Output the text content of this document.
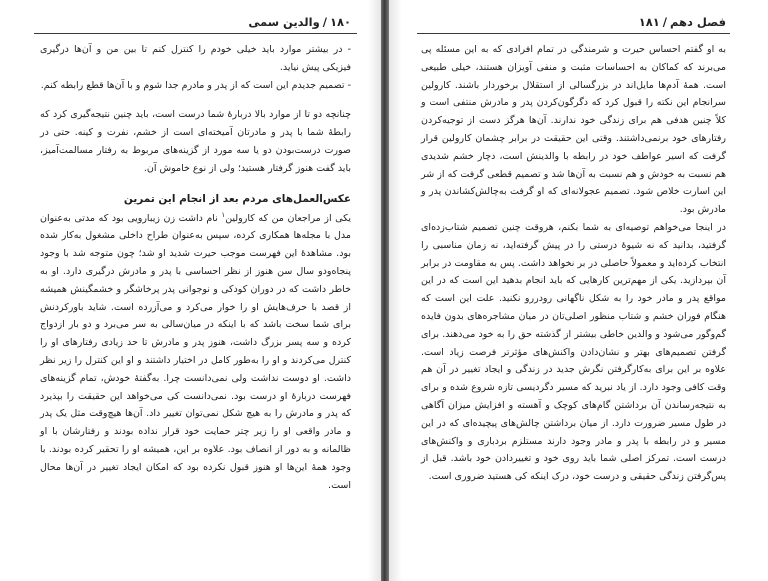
۱۸۰
/
والدین سمی

- در بیشتر موارد باید خیلی خودم را کنترل کنم تا بین من و آن‌ها درگیری فیزیکی پیش نیاید.

- تصمیم جدیدم این است که از پدر و مادرم جدا شوم و با آن‌ها قطع رابطه کنم.

چنانچه دو تا از موارد بالا دربارهٔ شما درست است، باید چنین نتیجه‌گیری کرد که رابطهٔ شما با پدر و مادرتان آمیخته‌ای است از خشم، نفرت و کینه. حتی در صورت درست‌بودن دو یا سه مورد از گزینه‌های مربوط به رفتار مسالمت‌آمیز، باید گفت هنوز گرفتار هستید؛ ولی از نوع خاموش آن.

عکس‌العمل‌های مردم بعد از انجام این تمرین

یکی از مراجعان من که کارولین$^۱$ نام داشت زن زیبارویی بود که مدتی به‌عنوان مدل با مجله‌ها همکاری کرده، سپس به‌عنوان طراح داخلی مشغول به‌کار شده بود. مشاهدهٔ این فهرست موجب حیرت شدید او شد؛ چون متوجه شد با وجود پنجاه‌ودو سال سن هنوز از نظر احساسی با پدر و مادرش درگیری دارد. او به خاطر داشت که در دوران کودکی و نوجوانی پدر پرخاشگر و خشمگینش همیشه از قصد با حرف‌هایش او را خوار می‌کرد و می‌آزرده است. شاید باورکردنش برای شما سخت باشد که با اینکه در میان‌سالی به سر می‌برد و دو بار ازدواج کرده و سه پسر بزرگ داشت، هنوز پدر و مادرش تا حد زیادی رفتارهای او را کنترل می‌کردند و او را به‌طور کامل در اختیار داشتند و او این کنترل را زیر نظر داشت. او دوست نداشت ولی نمی‌دانست چرا. به‌گفتهٔ خودش، تمام گزینه‌های فهرست دربارهٔ او درست بود. نمی‌دانست کی می‌خواهد این حقیقت را بپذیرد که پدر و مادرش را به هیچ شکل نمی‌توان تغییر داد. آن‌ها هیچ‌وقت مثل یک پدر و مادر واقعی او را زیر چتر حمایت خود قرار نداده بودند و رفتارشان با او ظالمانه و به دور از انصاف بود. علاوه بر این، همیشه او را تحقیر کرده بودند. با وجود همهٔ این‌ها او هنوز قبول نکرده بود که امکان ایجاد تغییر در آن‌ها محال است.

فصل دهم
/
۱۸۱

به او گفتم احساس حیرت و شرمندگی در تمام افرادی که به این مسئله پی می‌برند که کماکان به احساسات مثبت و منفی آویزان هستند، خیلی طبیعی است. همهٔ آدم‌ها مایل‌اند در بزرگسالی از استقلال برخوردار باشند. کارولین سرانجام این نکته را قبول کرد که دگرگون‌کردن پدر و مادرش منتفی است و کلاً چنین هدفی هم برای زندگی خود ندارند. آن‌ها هرگز دست از توجیه‌کردن رفتارهای خود برنمی‌داشتند. وقتی این حقیقت در برابر چشمان کارولین قرار گرفت که اسیر عواطف خود در رابطه با والدینش است، دچار خشم شدیدی هم نسبت به خودش و هم نسبت به آن‌ها شد و تصمیم قطعی گرفت که از شر این اسارت خلاص شود. تصمیم عجولانه‌ای که او گرفت به‌چالش‌کشاندن پدر و مادرش بود.

در اینجا می‌خواهم توصیه‌ای به شما بکنم، هروقت چنین تصمیم شتاب‌زده‌ای گرفتید، بدانید که نه شیوهٔ درستی را در پیش گرفته‌اید، نه زمان مناسبی را انتخاب کرده‌اید و معمولاً حاصلی در بر نخواهد داشت. پس به مقاومت در برابر آن بپردازید. یکی از مهم‌ترین کارهایی که باید انجام بدهید این است که در این مواقع پدر و مادر خود را به شکل ناگهانی رودررو نکنید. علت این است که هنگام فوران خشم و شتاب منظور اصلی‌تان در میان مشاجره‌های بدون فایده گم‌وگور می‌شود و والدین خاطی بیشتر از گذشته حق را به خود می‌دهند. برای گرفتن تصمیم‌های بهتر و نشان‌دادن واکنش‌های مؤثرتر فرصت زیاد است. علاوه بر این برای به‌کارگرفتن نگرش جدید در زندگی و ایجاد تغییر در آن هم وقت کافی وجود دارد. از یاد نبرید که مسیر دگردیسی تازه شروع شده و برای به نتیجه‌رساندن آن برداشتن گام‌های کوچک و آهسته و افزایش میزان آگاهی در طول مسیر ضرورت دارد. از میان برداشتن چالش‌های پیچیده‌ای که در این مسیر و در رابطه با پدر و مادر وجود دارند مستلزم بردباری و واکنش‌های درست است. تمرکز اصلی شما باید روی خود و تغییردادن خود باشد. قبل از پس‌گرفتن زندگی حقیقی و درست خود، درک اینکه کی هستید ضروری است.
